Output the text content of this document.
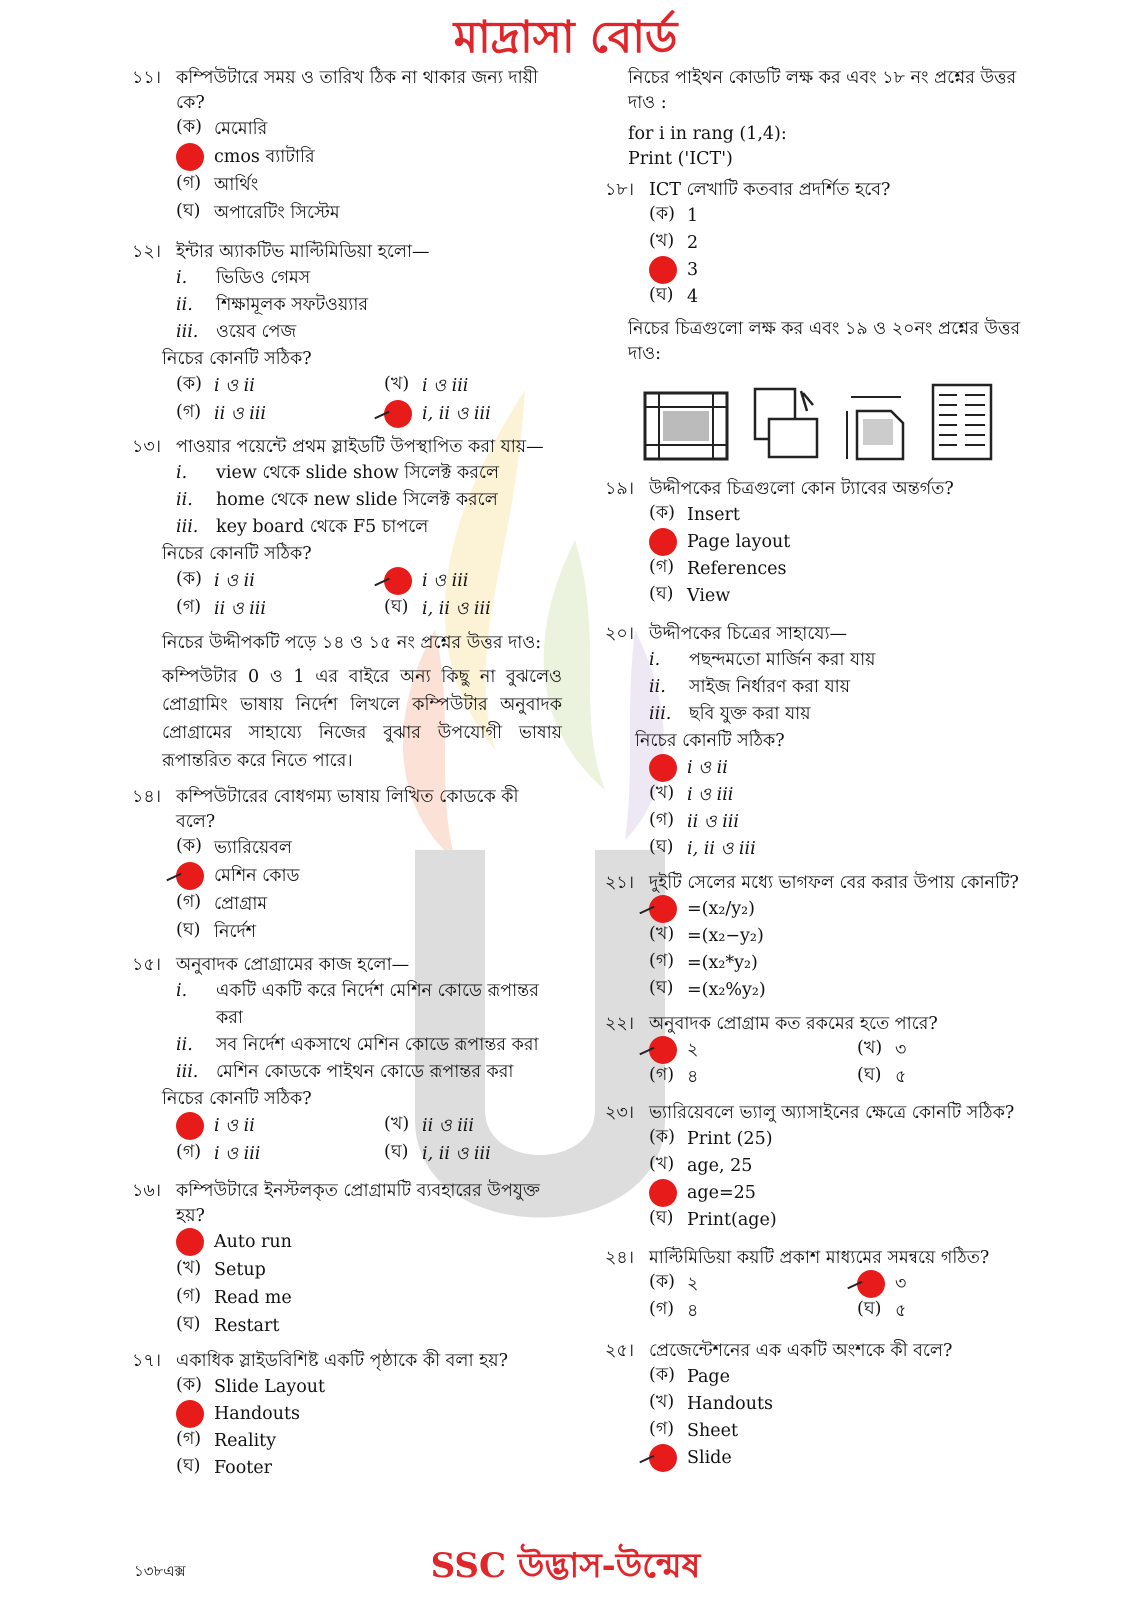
মাদ্রাসা বোর্ড
১১। কম্পিউটারে সময় ও তারিখ ঠিক না থাকার জন্য দায়ী কে?
(ক) মেমোরি
cmos ব্যাটারি
(গ) আর্থিং
(ঘ) অপারেটিং সিস্টেম
১২। ইন্টার অ্যাকটিভ মাল্টিমিডিয়া হলো—
i.	ভিডিও গেমস
ii.	শিক্ষামূলক সফটওয়্যার
iii.	ওয়েব পেজ
নিচের কোনটি সঠিক?
(ক) i ও ii	(খ) i ও iii
(গ) ii ও iii	i, ii ও iii
১৩। পাওয়ার পয়েন্টে প্রথম স্লাইডটি উপস্থাপিত করা যায়—
i.	view থেকে slide show সিলেক্ট করলে
ii.	home থেকে new slide সিলেক্ট করলে
iii.	key board থেকে F5 চাপলে
নিচের কোনটি সঠিক?
(ক) i ও ii	i ও iii
(গ) ii ও iii	(ঘ) i, ii ও iii
নিচের উদ্দীপকটি পড়ে ১৪ ও ১৫ নং প্রশ্নের উত্তর দাও:
কম্পিউটার 0 ও 1 এর বাইরে অন্য কিছু না বুঝলেও প্রোগ্রামিং ভাষায় নির্দেশ লিখলে কম্পিউটার অনুবাদক প্রোগ্রামের সাহায্যে নিজের বুঝার উপযোগী ভাষায় রূপান্তরিত করে নিতে পারে।
১৪। কম্পিউটারের বোধগম্য ভাষায় লিখিত কোডকে কী বলে?
(ক) ভ্যারিয়েবল
মেশিন কোড
(গ) প্রোগ্রাম
(ঘ) নির্দেশ
১৫। অনুবাদক প্রোগ্রামের কাজ হলো—
i.	একটি একটি করে নির্দেশ মেশিন কোডে রূপান্তর করা
ii.	সব নির্দেশ একসাথে মেশিন কোডে রূপান্তর করা
iii.	মেশিন কোডকে পাইথন কোডে রূপান্তর করা
নিচের কোনটি সঠিক?
i ও ii	(খ) ii ও iii
(গ) i ও iii	(ঘ) i, ii ও iii
১৬। কম্পিউটারে ইনস্টলকৃত প্রোগ্রামটি ব্যবহারের উপযুক্ত হয়?
Auto run
(খ) Setup
(গ) Read me
(ঘ) Restart
১৭। একাধিক স্লাইডবিশিষ্ট একটি পৃষ্ঠাকে কী বলা হয়?
(ক) Slide Layout
Handouts
(গ) Reality
(ঘ) Footer
নিচের পাইথন কোডটি লক্ষ কর এবং ১৮ নং প্রশ্নের উত্তর দাও :
for i in rang (1,4):
Print ('ICT')
১৮। ICT লেখাটি কতবার প্রদর্শিত হবে?
(ক) 1
(খ) 2
3
(ঘ) 4
নিচের চিত্রগুলো লক্ষ কর এবং ১৯ ও ২০নং প্রশ্নের উত্তর দাও:
১৯। উদ্দীপকের চিত্রগুলো কোন ট্যাবের অন্তর্গত?
(ক) Insert
Page layout
(গ) References
(ঘ) View
২০। উদ্দীপকের চিত্রের সাহায্যে—
i.	পছন্দমতো মার্জিন করা যায়
ii.	সাইজ নির্ধারণ করা যায়
iii.	ছবি যুক্ত করা যায়
নিচের কোনটি সঠিক?
i ও ii
(খ) i ও iii
(গ) ii ও iii
(ঘ) i, ii ও iii
২১। দুইটি সেলের মধ্যে ভাগফল বের করার উপায় কোনটি?
=(x₂/y₂)
(খ) =(x₂−y₂)
(গ) =(x₂*y₂)
(ঘ) =(x₂%y₂)
২২। অনুবাদক প্রোগ্রাম কত রকমের হতে পারে?
২	(খ) ৩
(গ) ৪	(ঘ) ৫
২৩। ভ্যারিয়েবলে ভ্যালু অ্যাসাইনের ক্ষেত্রে কোনটি সঠিক?
(ক) Print (25)
(খ) age, 25
age=25
(ঘ) Print(age)
২৪। মাল্টিমিডিয়া কয়টি প্রকাশ মাধ্যমের সমন্বয়ে গঠিত?
(ক) ২	৩
(গ) ৪	(ঘ) ৫
২৫। প্রেজেন্টেশনের এক একটি অংশকে কী বলে?
(ক) Page
(খ) Handouts
(গ) Sheet
Slide
১৩৮এক্স	SSC উদ্ভাস-উন্মেষ
